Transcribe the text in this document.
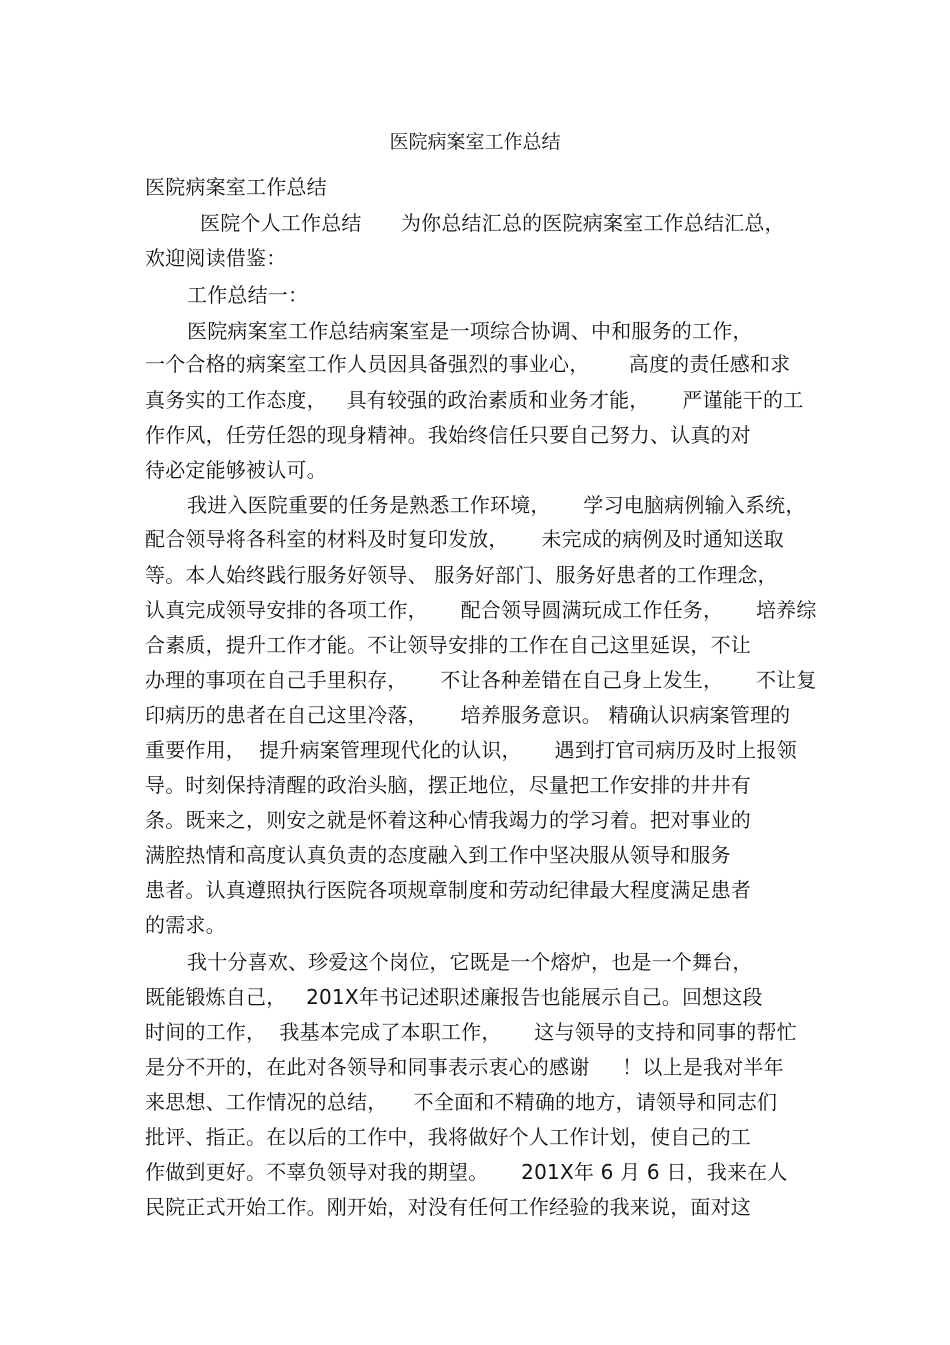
医院病案室工作总结
医院病案室工作总结
医院个人工作总结      为你总结汇总的医院病案室工作总结汇总，
欢迎阅读借鉴：
工作总结一：
医院病案室工作总结病案室是一项综合协调、中和服务的工作，
一个合格的病案室工作人员因具备强烈的事业心，      高度的责任感和求
真务实的工作态度，   具有较强的政治素质和业务才能，     严谨能干的工
作作风，任劳任怨的现身精神。我始终信任只要自己努力、认真的对
待必定能够被认可。
我进入医院重要的任务是熟悉工作环境，     学习电脑病例输入系统，
配合领导将各科室的材料及时复印发放，     未完成的病例及时通知送取
等。本人始终践行服务好领导、 服务好部门、服务好患者的工作理念，
认真完成领导安排的各项工作，     配合领导圆满玩成工作任务，     培养综
合素质，提升工作才能。不让领导安排的工作在自己这里延误，不让
办理的事项在自己手里积存，     不让各种差错在自己身上发生，     不让复
印病历的患者在自己这里冷落，     培养服务意识。 精确认识病案管理的
重要作用，  提升病案管理现代化的认识，     遇到打官司病历及时上报领
导。时刻保持清醒的政治头脑，摆正地位，尽量把工作安排的井井有
条。既来之，则安之就是怀着这种心情我竭力的学习着。把对事业的
满腔热情和高度认真负责的态度融入到工作中坚决服从领导和服务
患者。认真遵照执行医院各项规章制度和劳动纪律最大程度满足患者
的需求。
我十分喜欢、珍爱这个岗位，它既是一个熔炉，也是一个舞台，
既能锻炼自己，   201X年书记述职述廉报告也能展示自己。回想这段
时间的工作，  我基本完成了本职工作，     这与领导的支持和同事的帮忙
是分不开的，在此对各领导和同事表示衷心的感谢     ！以上是我对半年
来思想、工作情况的总结，    不全面和不精确的地方，请领导和同志们
批评、指正。在以后的工作中，我将做好个人工作计划，使自己的工
作做到更好。不辜负领导对我的期望。     201X年 6 月 6 日，我来在人
民院正式开始工作。刚开始，对没有任何工作经验的我来说，面对这
